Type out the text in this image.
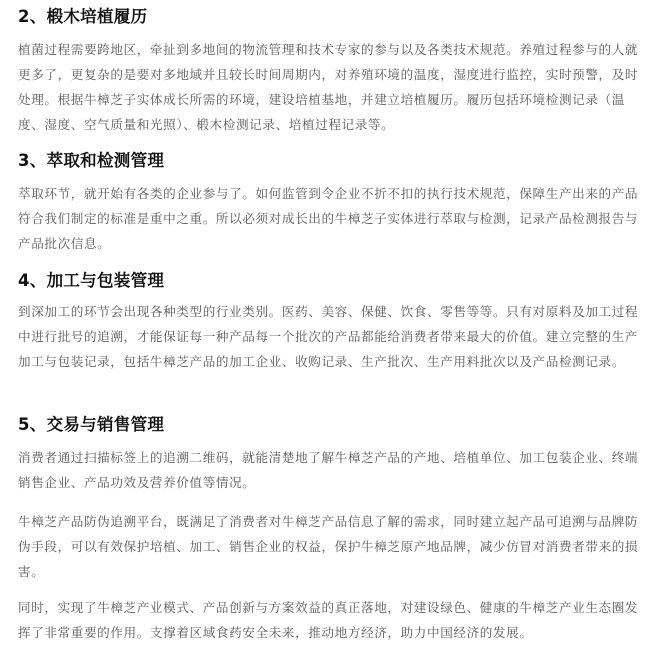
2、椴木培植履历

植菌过程需要跨地区，牵扯到多地间的物流管理和技术专家的参与以及各类技术规范。养殖过程参与的人就更多了，更复杂的是要对多地域并且较长时间周期内，对养殖环境的温度，湿度进行监控，实时预警，及时处理。根据牛樟芝子实体成长所需的环境，建设培植基地，并建立培植履历。履历包括环境检测记录（温度、湿度、空气质量和光照）、椴木检测记录、培植过程记录等。

3、萃取和检测管理

萃取环节，就开始有各类的企业参与了。如何监管到令企业不折不扣的执行技术规范，保障生产出来的产品符合我们制定的标准是重中之重。所以必须对成长出的牛樟芝子实体进行萃取与检测，记录产品检测报告与产品批次信息。

4、加工与包装管理

到深加工的环节会出现各种类型的行业类别。医药、美容、保健、饮食、零售等等。只有对原料及加工过程中进行批号的追溯，才能保证每一种产品每一个批次的产品都能给消费者带来最大的价值。建立完整的生产加工与包装记录，包括牛樟芝产品的加工企业、收购记录、生产批次、生产用料批次以及产品检测记录。

5、交易与销售管理

消费者通过扫描标签上的追溯二维码，就能清楚地了解牛樟芝产品的产地、培植单位、加工包装企业、终端销售企业、产品功效及营养价值等情况。

牛樟芝产品防伪追溯平台，既满足了消费者对牛樟芝产品信息了解的需求，同时建立起产品可追溯与品牌防伪手段，可以有效保护培植、加工、销售企业的权益，保护牛樟芝原产地品牌，减少仿冒对消费者带来的损害。

同时，实现了牛樟芝产业模式、产品创新与方案效益的真正落地，对建设绿色、健康的牛樟芝产业生态圈发挥了非常重要的作用。支撑着区域食药安全未来，推动地方经济，助力中国经济的发展。
